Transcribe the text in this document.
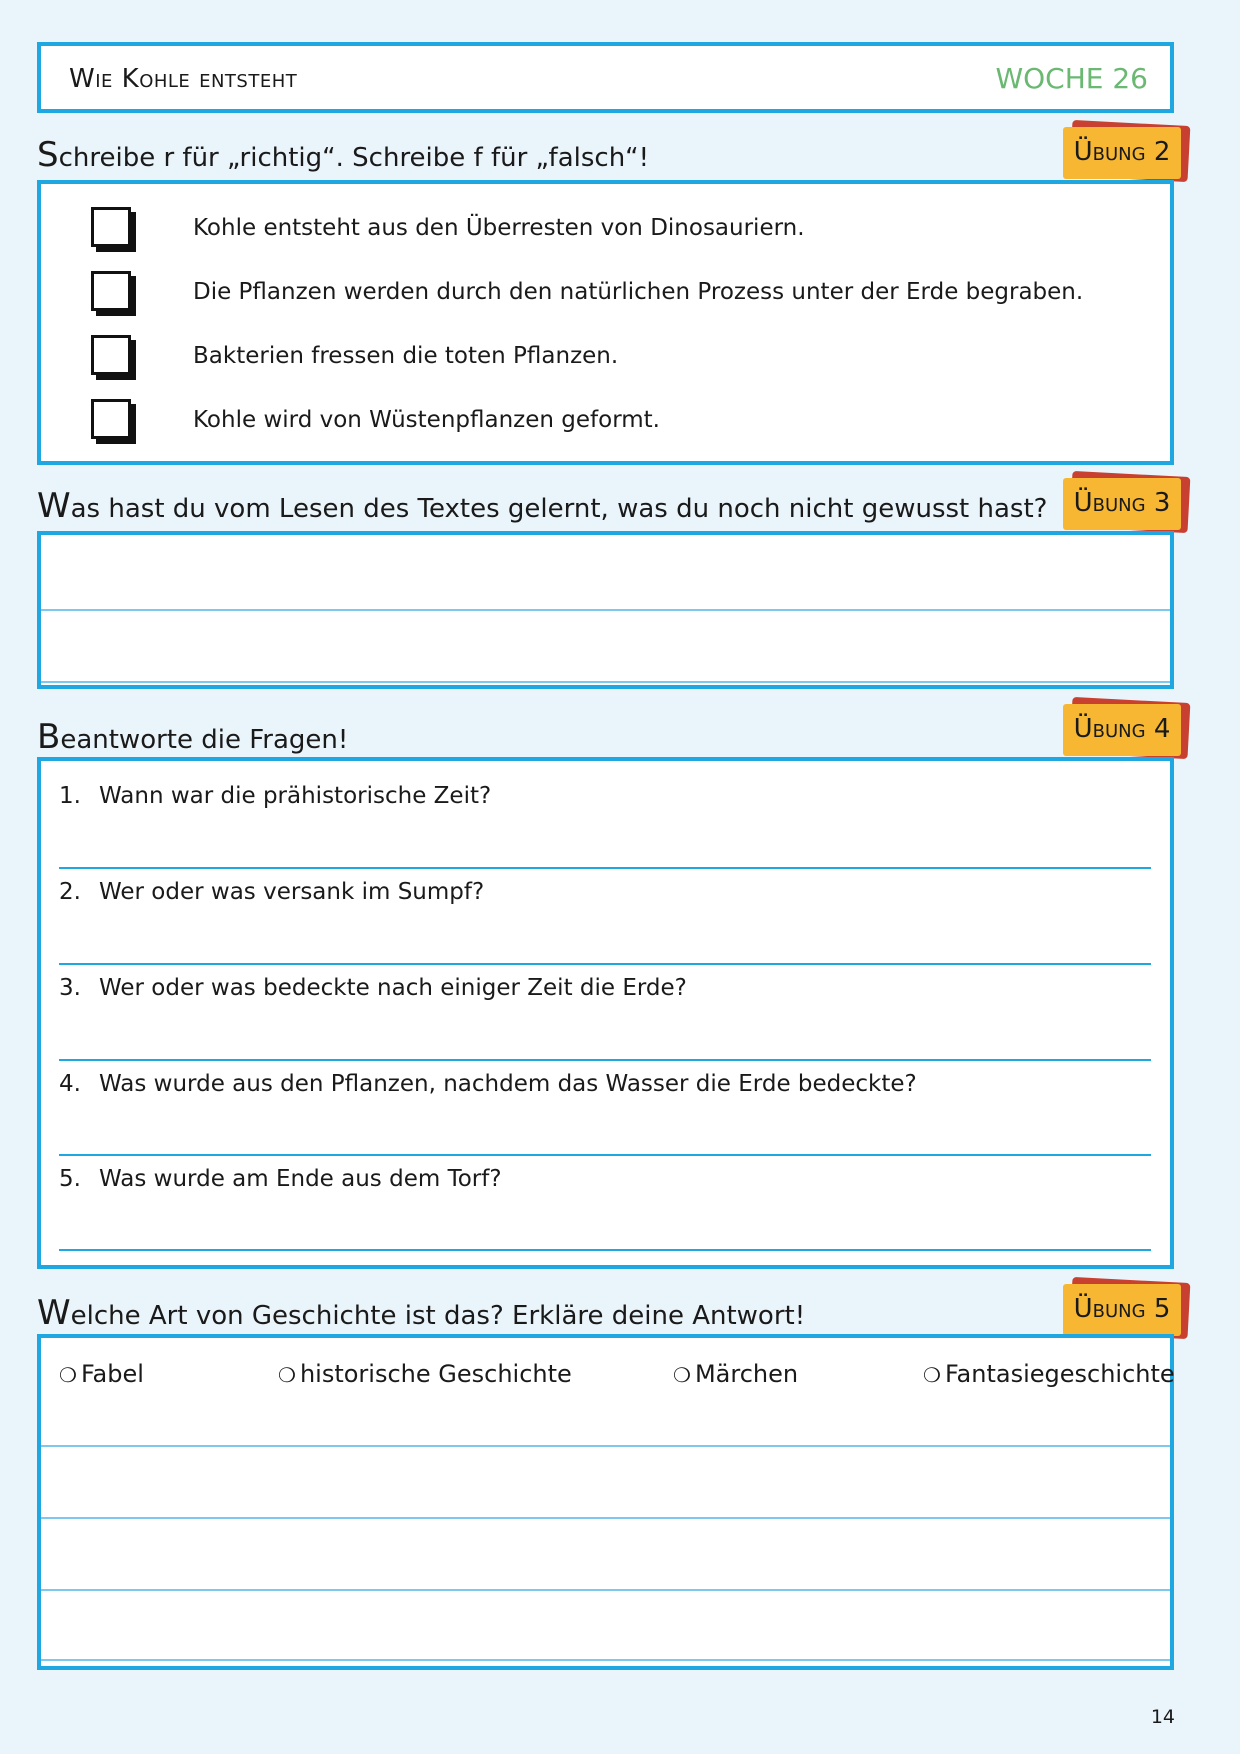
Wie Kohle entsteht	WOCHE 26
Schreibe r für „richtig“. Schreibe f für „falsch“!	Übung 2
Kohle entsteht aus den Überresten von Dinosauriern.
Die Pflanzen werden durch den natürlichen Prozess unter der Erde begraben.
Bakterien fressen die toten Pflanzen.
Kohle wird von Wüstenpflanzen geformt.
Was hast du vom Lesen des Textes gelernt, was du noch nicht gewusst hast?	Übung 3
Beantworte die Fragen!	Übung 4
1. Wann war die prähistorische Zeit?
2. Wer oder was versank im Sumpf?
3. Wer oder was bedeckte nach einiger Zeit die Erde?
4. Was wurde aus den Pflanzen, nachdem das Wasser die Erde bedeckte?
5. Was wurde am Ende aus dem Torf?
Welche Art von Geschichte ist das? Erkläre deine Antwort!	Übung 5
❍ Fabel	❍ historische Geschichte	❍ Märchen	❍ Fantasiegeschichte
14
